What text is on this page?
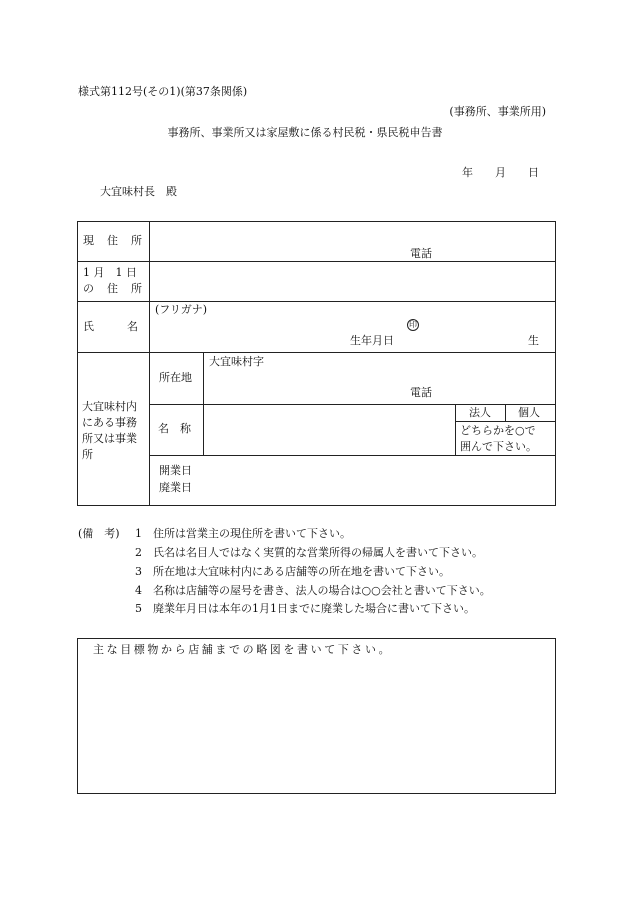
様式第112号(その1)(第37条関係)
(事務所、事業所用)
事務所、事業所又は家屋敷に係る村民税・県民税申告書
年　　月　　日
大宜味村長　殿
現　住　所
電話
1 月　1 日
の　住　所
(フリガナ)
氏　　　名	印
生年月日	生
大宜味村内
にある事務
所又は事業
所
所在地
大宜味村字
電話
名　称
法人 個人
どちらかを○で
囲んで下さい。
開業日
廃業日
(備　考) 1 住所は営業主の現住所を書いて下さい。
2 氏名は名目人ではなく実質的な営業所得の帰属人を書いて下さい。
3 所在地は大宜味村内にある店舗等の所在地を書いて下さい。
4 名称は店舗等の屋号を書き、法人の場合は○○会社と書いて下さい。
5 廃業年月日は本年の1月1日までに廃業した場合に書いて下さい。
主な目標物から店舗までの略図を書いて下さい。
